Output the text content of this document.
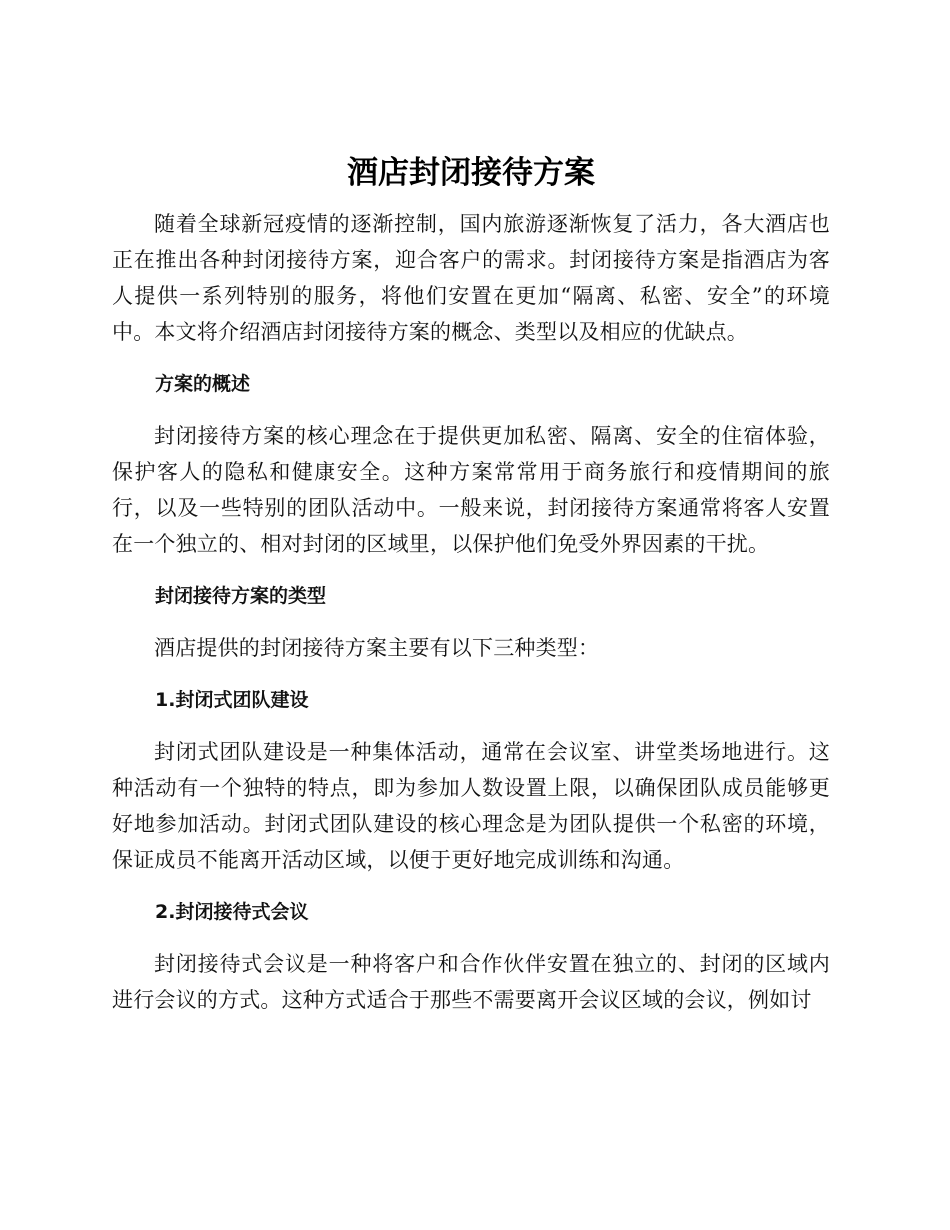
酒店封闭接待方案

随着全球新冠疫情的逐渐控制，国内旅游逐渐恢复了活力，各大酒店也正在推出各种封闭接待方案，迎合客户的需求。封闭接待方案是指酒店为客人提供一系列特别的服务，将他们安置在更加“隔离、私密、安全”的环境中。本文将介绍酒店封闭接待方案的概念、类型以及相应的优缺点。

方案的概述

封闭接待方案的核心理念在于提供更加私密、隔离、安全的住宿体验，保护客人的隐私和健康安全。这种方案常常用于商务旅行和疫情期间的旅行，以及一些特别的团队活动中。一般来说，封闭接待方案通常将客人安置在一个独立的、相对封闭的区域里，以保护他们免受外界因素的干扰。

封闭接待方案的类型

酒店提供的封闭接待方案主要有以下三种类型：

1.封闭式团队建设

封闭式团队建设是一种集体活动，通常在会议室、讲堂类场地进行。这种活动有一个独特的特点，即为参加人数设置上限，以确保团队成员能够更好地参加活动。封闭式团队建设的核心理念是为团队提供一个私密的环境，保证成员不能离开活动区域，以便于更好地完成训练和沟通。

2.封闭接待式会议

封闭接待式会议是一种将客户和合作伙伴安置在独立的、封闭的区域内进行会议的方式。这种方式适合于那些不需要离开会议区域的会议，例如讨
